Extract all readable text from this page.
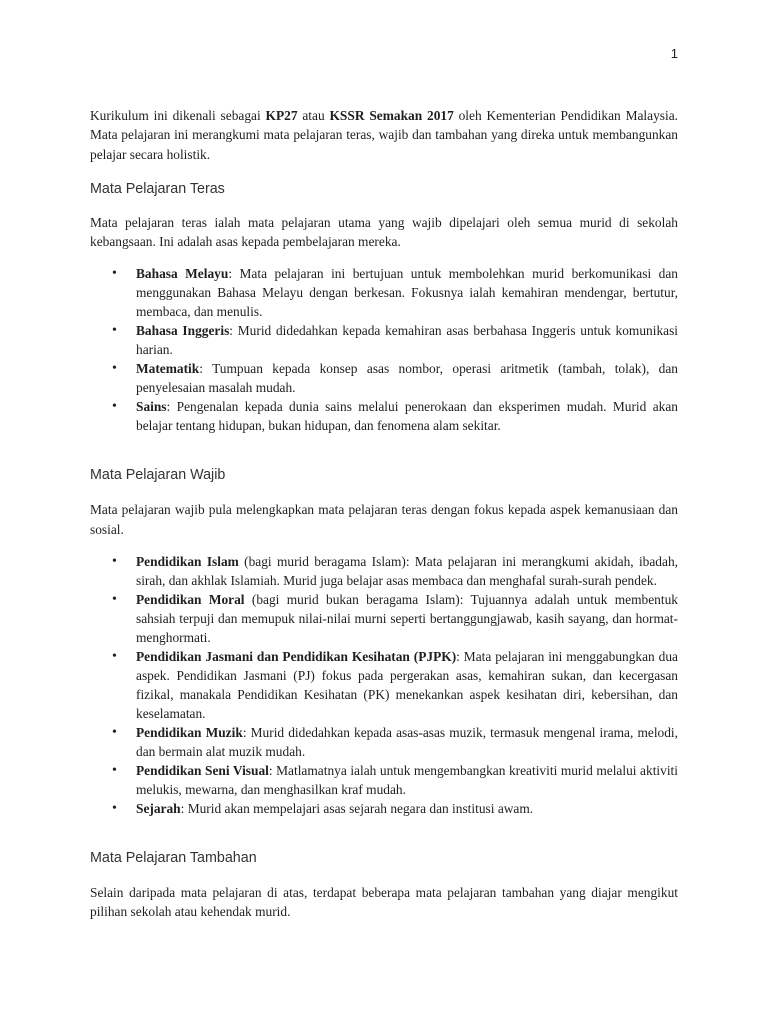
1

Kurikulum ini dikenali sebagai KP27 atau KSSR Semakan 2017 oleh Kementerian Pendidikan Malaysia. Mata pelajaran ini merangkumi mata pelajaran teras, wajib dan tambahan yang direka untuk membangunkan pelajar secara holistik.

Mata Pelajaran Teras

Mata pelajaran teras ialah mata pelajaran utama yang wajib dipelajari oleh semua murid di sekolah kebangsaan. Ini adalah asas kepada pembelajaran mereka.

• Bahasa Melayu: Mata pelajaran ini bertujuan untuk membolehkan murid berkomunikasi dan menggunakan Bahasa Melayu dengan berkesan. Fokusnya ialah kemahiran mendengar, bertutur, membaca, dan menulis.
• Bahasa Inggeris: Murid didedahkan kepada kemahiran asas berbahasa Inggeris untuk komunikasi harian.
• Matematik: Tumpuan kepada konsep asas nombor, operasi aritmetik (tambah, tolak), dan penyelesaian masalah mudah.
• Sains: Pengenalan kepada dunia sains melalui penerokaan dan eksperimen mudah. Murid akan belajar tentang hidupan, bukan hidupan, dan fenomena alam sekitar.
Mata Pelajaran Wajib

Mata pelajaran wajib pula melengkapkan mata pelajaran teras dengan fokus kepada aspek kemanusiaan dan sosial.

• Pendidikan Islam (bagi murid beragama Islam): Mata pelajaran ini merangkumi akidah, ibadah, sirah, dan akhlak Islamiah. Murid juga belajar asas membaca dan menghafal surah-surah pendek.
• Pendidikan Moral (bagi murid bukan beragama Islam): Tujuannya adalah untuk membentuk sahsiah terpuji dan memupuk nilai-nilai murni seperti bertanggungjawab, kasih sayang, dan hormat-menghormati.
• Pendidikan Jasmani dan Pendidikan Kesihatan (PJPK): Mata pelajaran ini menggabungkan dua aspek. Pendidikan Jasmani (PJ) fokus pada pergerakan asas, kemahiran sukan, dan kecergasan fizikal, manakala Pendidikan Kesihatan (PK) menekankan aspek kesihatan diri, kebersihan, dan keselamatan.
• Pendidikan Muzik: Murid didedahkan kepada asas-asas muzik, termasuk mengenal irama, melodi, dan bermain alat muzik mudah.
• Pendidikan Seni Visual: Matlamatnya ialah untuk mengembangkan kreativiti murid melalui aktiviti melukis, mewarna, dan menghasilkan kraf mudah.
• Sejarah: Murid akan mempelajari asas sejarah negara dan institusi awam.
Mata Pelajaran Tambahan

Selain daripada mata pelajaran di atas, terdapat beberapa mata pelajaran tambahan yang diajar mengikut pilihan sekolah atau kehendak murid.
